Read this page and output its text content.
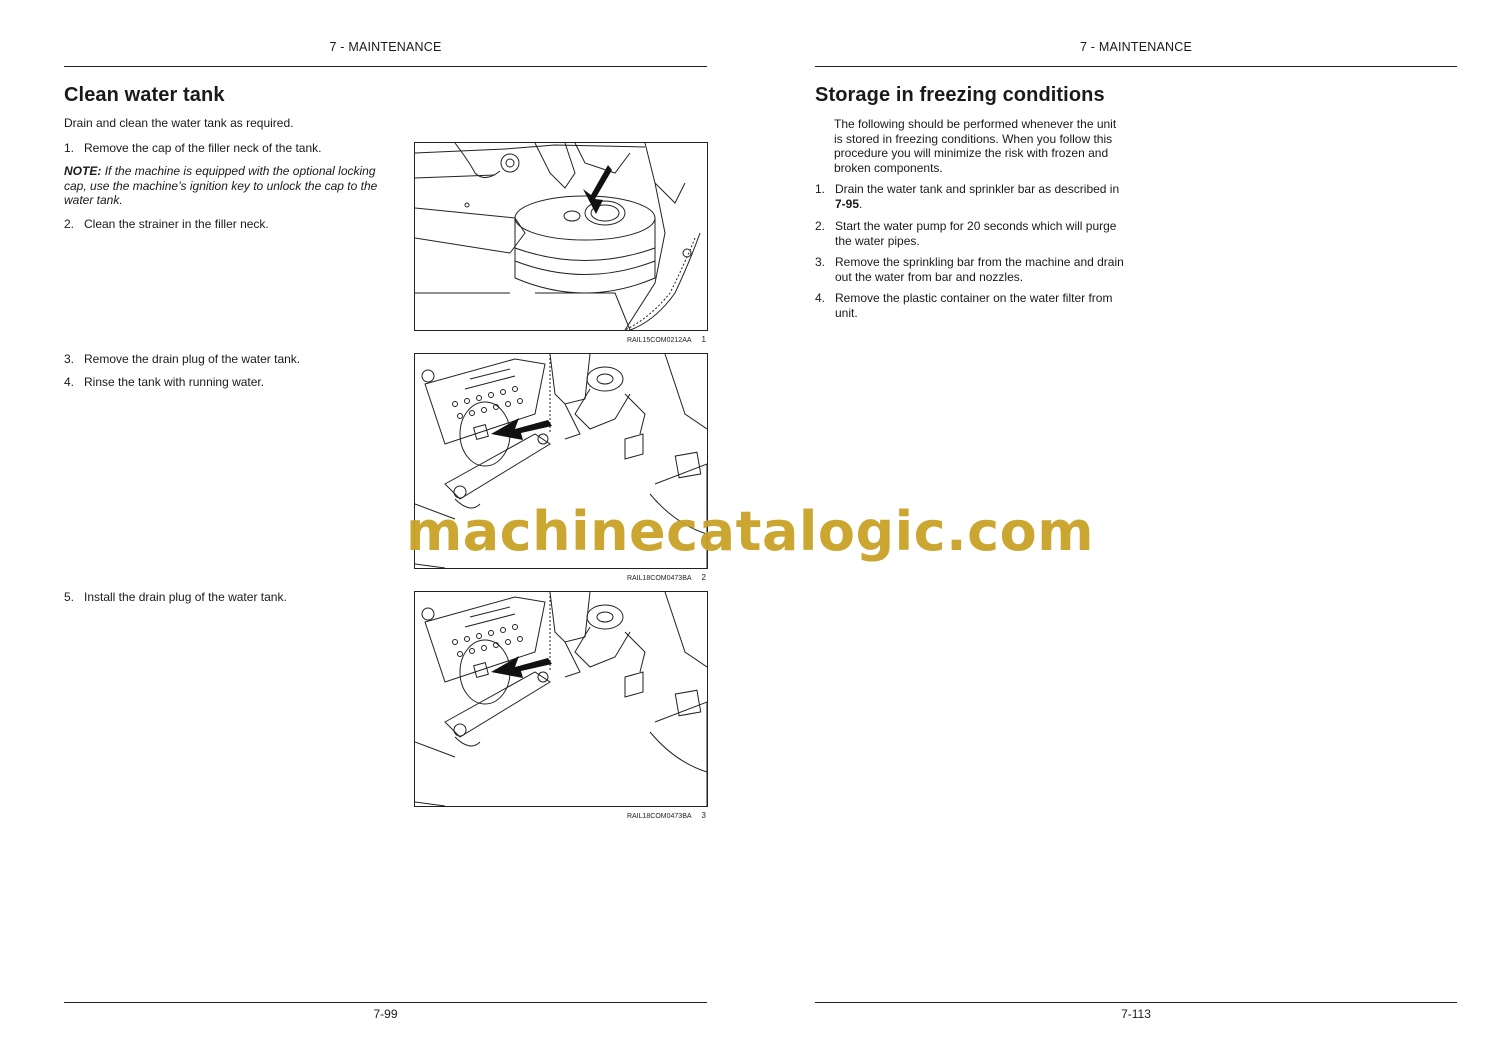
7 - MAINTENANCE
Clean water tank
Drain and clean the water tank as required.
1. Remove the cap of the filler neck of the tank.
NOTE: If the machine is equipped with the optional locking
cap, use the machine’s ignition key to unlock the cap to the
water tank.
2. Clean the strainer in the filler neck.
RAIL15COM0212AA 1
3. Remove the drain plug of the water tank.
4. Rinse the tank with running water.
RAIL18COM0473BA 2
5. Install the drain plug of the water tank.
RAIL18COM0473BA 3
7-99
7 - MAINTENANCE
Storage in freezing conditions
The following should be performed whenever the unit
is stored in freezing conditions. When you follow this
procedure you will minimize the risk with frozen and
broken components.
1. Drain the water tank and sprinkler bar as described in
7-95.
2. Start the water pump for 20 seconds which will purge
the water pipes.
3. Remove the sprinkling bar from the machine and drain
out the water from bar and nozzles.
4. Remove the plastic container on the water filter from
unit.
7-113
machinecatalogic.com
